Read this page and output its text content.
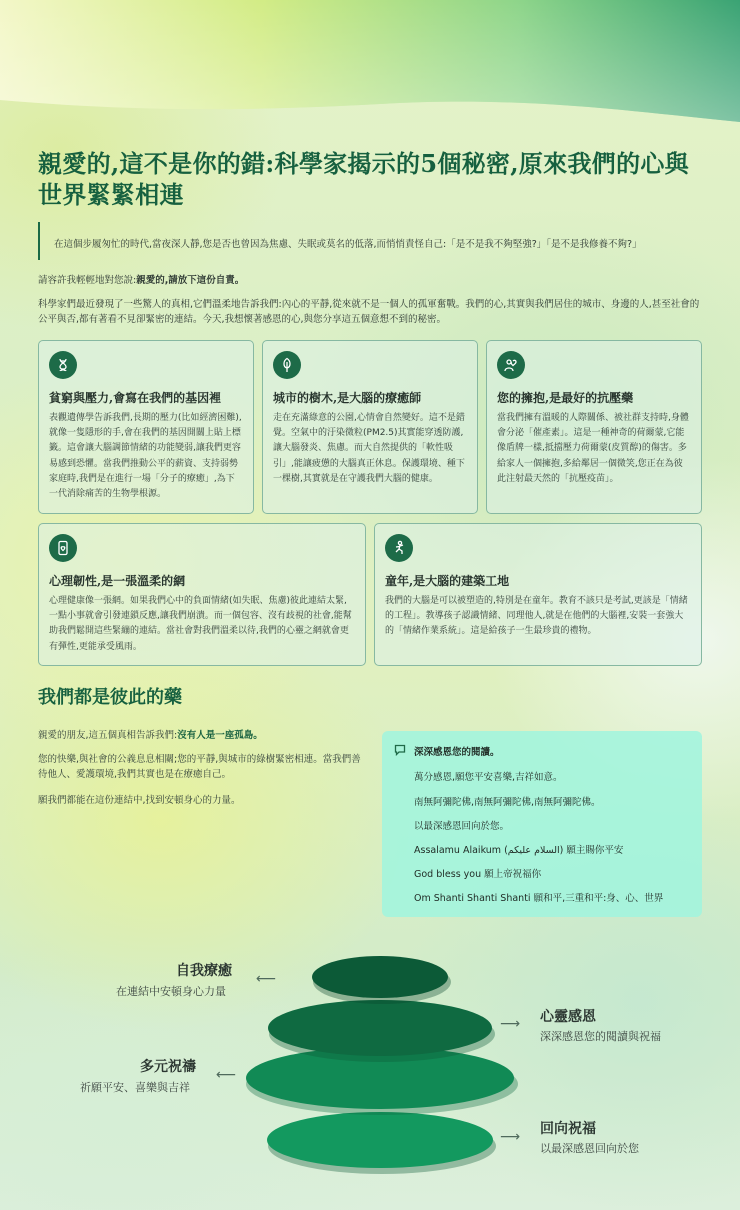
親愛的,這不是你的錯:科學家揭示的5個秘密,原來我們的心與世界緊緊相連
在這個步履匆忙的時代,當夜深人靜,您是否也曾因為焦慮、失眠或莫名的低落,而悄悄責怪自己:「是不是我不夠堅強?」「是不是我修養不夠?」
請容許我輕輕地對您說:親愛的,請放下這份自責。
科學家們最近發現了一些驚人的真相,它們溫柔地告訴我們:內心的平靜,從來就不是一個人的孤軍奮戰。我們的心,其實與我們居住的城市、身邊的人,甚至社會的公平與否,都有著看不見卻緊密的連結。今天,我想懷著感恩的心,與您分享這五個意想不到的秘密。
貧窮與壓力,會寫在我們的基因裡

表觀遺傳學告訴我們,長期的壓力(比如經濟困難),就像一隻隱形的手,會在我們的基因開關上貼上標籤。這會讓大腦調節情緒的功能變弱,讓我們更容易感到恐懼。當我們推動公平的薪資、支持弱勢家庭時,我們是在進行一場「分子的療癒」,為下一代消除痛苦的生物學根源。

城市的樹木,是大腦的療癒師

走在充滿綠意的公園,心情會自然變好。這不是錯覺。空氣中的汙染微粒(PM2.5)其實能穿透防護,讓大腦發炎、焦慮。而大自然提供的「軟性吸引」,能讓疲憊的大腦真正休息。保護環境、種下一棵樹,其實就是在守護我們大腦的健康。

您的擁抱,是最好的抗壓藥

當我們擁有溫暖的人際關係、被社群支持時,身體會分泌「催產素」。這是一種神奇的荷爾蒙,它能像盾牌一樣,抵擋壓力荷爾蒙(皮質醇)的傷害。多給家人一個擁抱,多給鄰居一個微笑,您正在為彼此注射最天然的「抗壓疫苗」。

心理韌性,是一張溫柔的網

心理健康像一張網。如果我們心中的負面情緒(如失眠、焦慮)彼此連結太緊,一點小事就會引發連鎖反應,讓我們崩潰。而一個包容、沒有歧視的社會,能幫助我們鬆開這些緊繃的連結。當社會對我們溫柔以待,我們的心靈之網就會更有彈性,更能承受風雨。

童年,是大腦的建築工地

我們的大腦是可以被塑造的,特別是在童年。教育不該只是考試,更該是「情緒的工程」。教導孩子認識情緒、同理他人,就是在他們的大腦裡,安裝一套強大的「情緒作業系統」。這是給孩子一生最珍貴的禮物。

我們都是彼此的藥
親愛的朋友,這五個真相告訴我們:沒有人是一座孤島。
您的快樂,與社會的公義息息相關;您的平靜,與城市的綠樹緊密相連。當我們善待他人、愛護環境,我們其實也是在療癒自己。
願我們都能在這份連結中,找到安頓身心的力量。
深深感恩您的閱讀。
萬分感恩,願您平安喜樂,吉祥如意。
南無阿彌陀佛,南無阿彌陀佛,南無阿彌陀佛。
以最深感恩回向於您。
Assalamu Alaikum (السلام عليكم) 願主賜你平安
God bless you 願上帝祝福你
Om Shanti Shanti Shanti 願和平,三重和平:身、心、世界
自我療癒
在連結中安頓身心力量
⟵
⟶ 心靈感恩
深深感恩您的閱讀與祝福
多元祝禱
祈願平安、喜樂與吉祥
⟵
⟶ 回向祝福
以最深感恩回向於您
